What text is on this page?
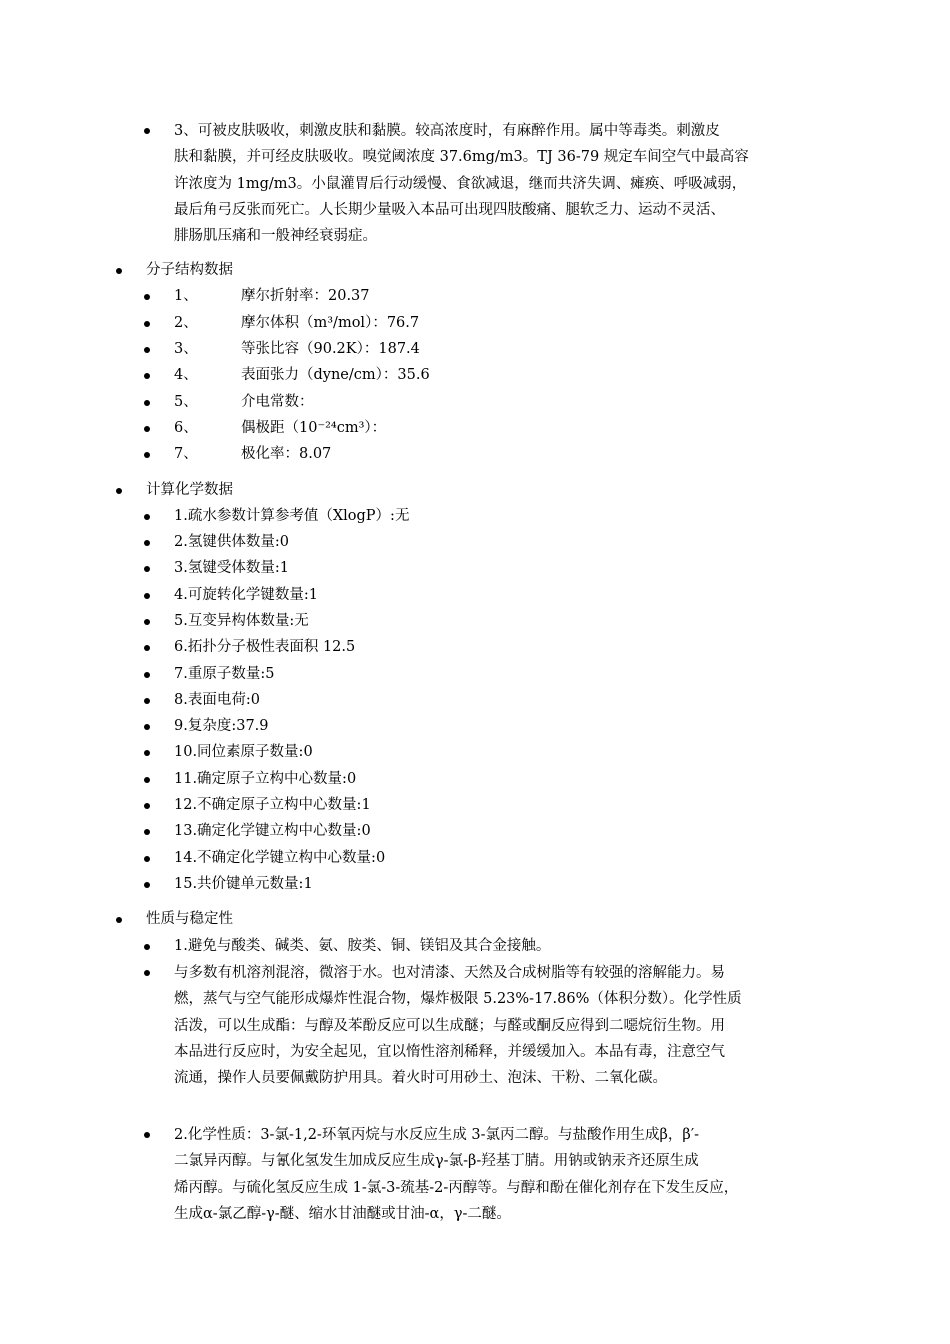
3、可被皮肤吸收，刺激皮肤和黏膜。较高浓度时，有麻醉作用。属中等毒类。刺激皮
肤和黏膜，并可经皮肤吸收。嗅觉阈浓度 37.6mg/m3。TJ 36-79 规定车间空气中最高容
许浓度为 1mg/m3。小鼠灌胃后行动缓慢、食欲减退，继而共济失调、瘫痪、呼吸减弱，
最后角弓反张而死亡。人长期少量吸入本品可出现四肢酸痛、腿软乏力、运动不灵活、
腓肠肌压痛和一般神经衰弱症。
分子结构数据
1、	摩尔折射率：20.37
2、	摩尔体积（m³/mol）：76.7
3、	等张比容（90.2K）：187.4
4、	表面张力（dyne/cm）：35.6
5、	介电常数：
6、	偶极距（10⁻²⁴cm³）：
7、	极化率：8.07
计算化学数据
1.疏水参数计算参考值（XlogP）:无
2.氢键供体数量:0
3.氢键受体数量:1
4.可旋转化学键数量:1
5.互变异构体数量:无
6.拓扑分子极性表面积 12.5
7.重原子数量:5
8.表面电荷:0
9.复杂度:37.9
10.同位素原子数量:0
11.确定原子立构中心数量:0
12.不确定原子立构中心数量:1
13.确定化学键立构中心数量:0
14.不确定化学键立构中心数量:0
15.共价键单元数量:1
性质与稳定性
1.避免与酸类、碱类、氨、胺类、铜、镁铝及其合金接触。
与多数有机溶剂混溶，微溶于水。也对清漆、天然及合成树脂等有较强的溶解能力。易
燃，蒸气与空气能形成爆炸性混合物，爆炸极限 5.23%-17.86%（体积分数）。化学性质
活泼，可以生成酯：与醇及苯酚反应可以生成醚；与醛或酮反应得到二噁烷衍生物。用
本品进行反应时，为安全起见，宜以惰性溶剂稀释，并缓缓加入。本品有毒，注意空气
流通，操作人员要佩戴防护用具。着火时可用砂土、泡沫、干粉、二氧化碳。
2.化学性质：3-氯-1,2-环氧丙烷与水反应生成 3-氯丙二醇。与盐酸作用生成β，β′-
二氯异丙醇。与氰化氢发生加成反应生成γ-氯-β-羟基丁腈。用钠或钠汞齐还原生成
烯丙醇。与硫化氢反应生成 1-氯-3-巯基-2-丙醇等。与醇和酚在催化剂存在下发生反应，
生成α-氯乙醇-γ-醚、缩水甘油醚或甘油-α，γ-二醚。
